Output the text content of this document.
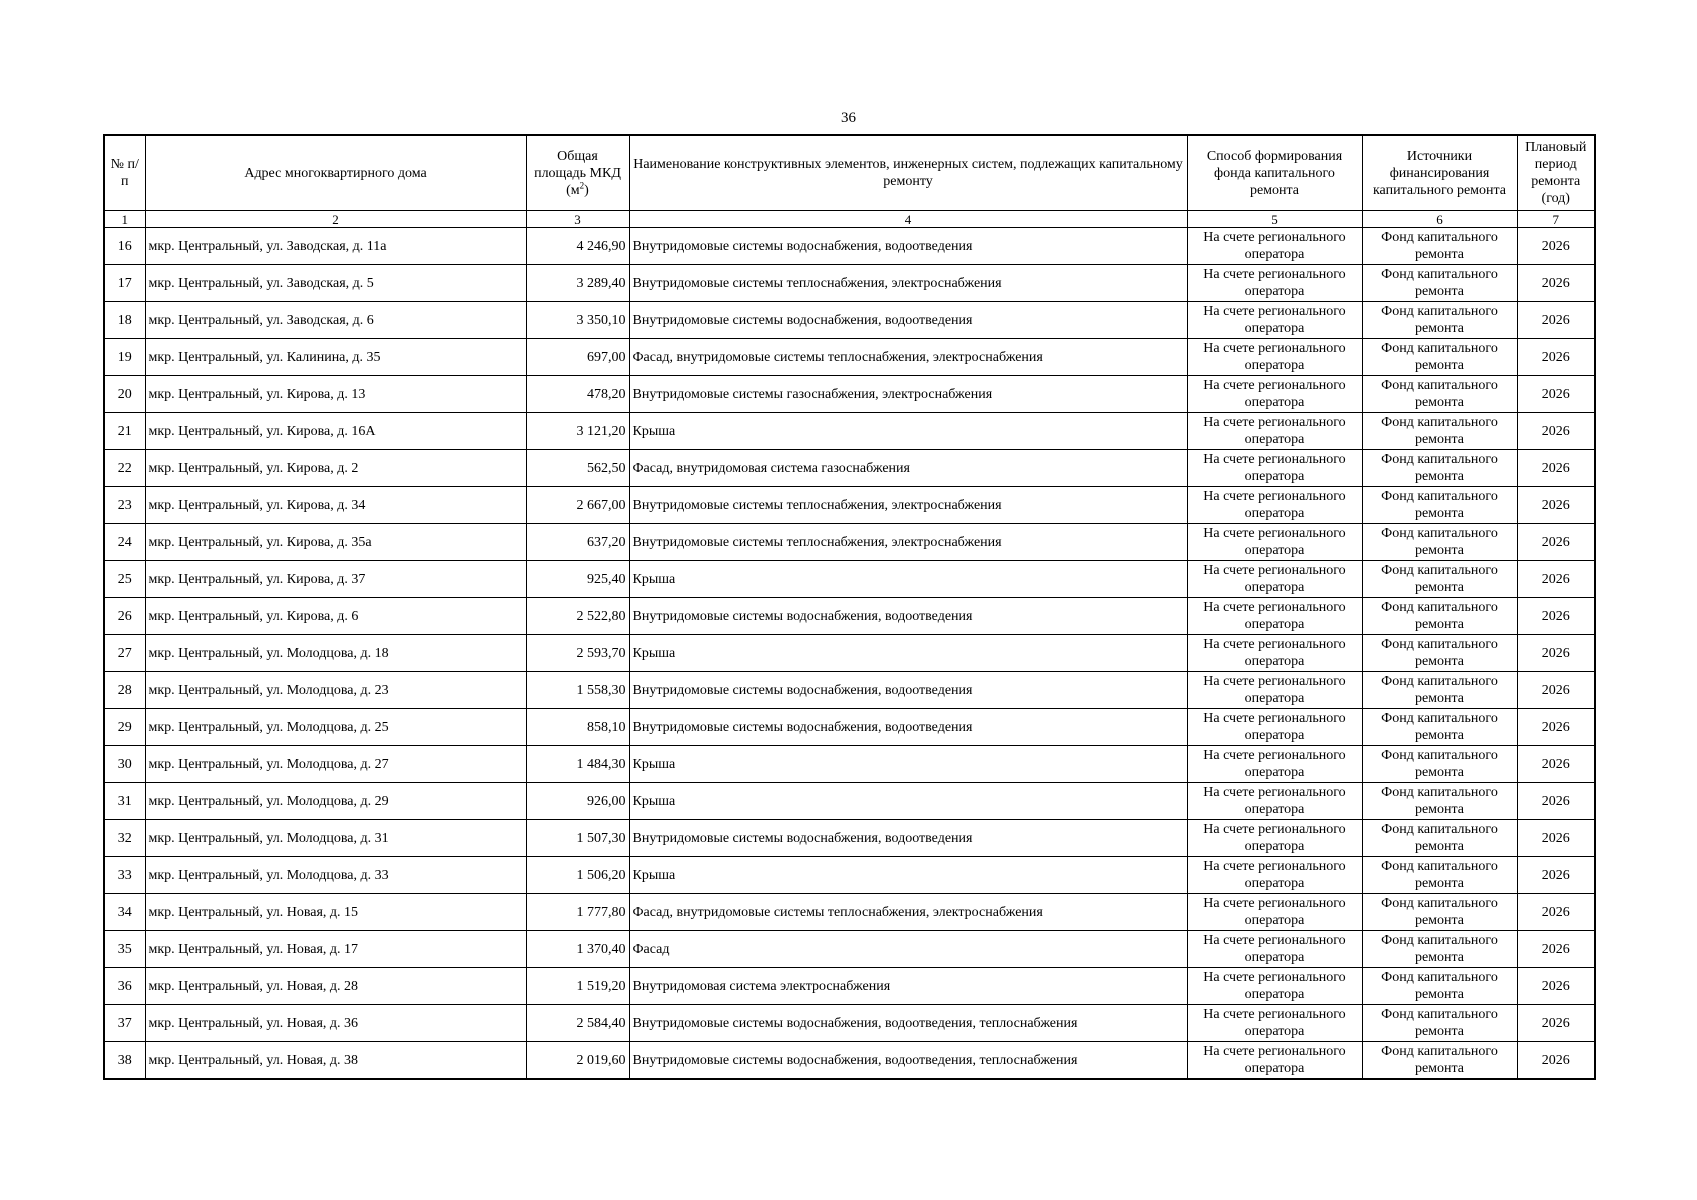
36
№ п/п	Адрес многоквартирного дома	Общая площадь МКД $(м^2)$	Наименование конструктивных элементов, инженерных систем, подлежащих капитальному ремонту	Способ формирования фонда капитального ремонта	Источники финансирования капитального ремонта	Плановый период ремонта (год)
1	2	3	4	5	6	7
16	мкр. Центральный, ул. Заводская, д. 11а	4 246,90	Внутридомовые системы водоснабжения, водоотведения	На счете регионального оператора	Фонд капитального ремонта	2026
17	мкр. Центральный, ул. Заводская, д. 5	3 289,40	Внутридомовые системы теплоснабжения, электроснабжения	На счете регионального оператора	Фонд капитального ремонта	2026
18	мкр. Центральный, ул. Заводская, д. 6	3 350,10	Внутридомовые системы водоснабжения, водоотведения	На счете регионального оператора	Фонд капитального ремонта	2026
19	мкр. Центральный, ул. Калинина, д. 35	697,00	Фасад, внутридомовые системы теплоснабжения, электроснабжения	На счете регионального оператора	Фонд капитального ремонта	2026
20	мкр. Центральный, ул. Кирова, д. 13	478,20	Внутридомовые системы газоснабжения, электроснабжения	На счете регионального оператора	Фонд капитального ремонта	2026
21	мкр. Центральный, ул. Кирова, д. 16А	3 121,20	Крыша	На счете регионального оператора	Фонд капитального ремонта	2026
22	мкр. Центральный, ул. Кирова, д. 2	562,50	Фасад, внутридомовая система газоснабжения	На счете регионального оператора	Фонд капитального ремонта	2026
23	мкр. Центральный, ул. Кирова, д. 34	2 667,00	Внутридомовые системы теплоснабжения, электроснабжения	На счете регионального оператора	Фонд капитального ремонта	2026
24	мкр. Центральный, ул. Кирова, д. 35а	637,20	Внутридомовые системы теплоснабжения, электроснабжения	На счете регионального оператора	Фонд капитального ремонта	2026
25	мкр. Центральный, ул. Кирова, д. 37	925,40	Крыша	На счете регионального оператора	Фонд капитального ремонта	2026
26	мкр. Центральный, ул. Кирова, д. 6	2 522,80	Внутридомовые системы водоснабжения, водоотведения	На счете регионального оператора	Фонд капитального ремонта	2026
27	мкр. Центральный, ул. Молодцова, д. 18	2 593,70	Крыша	На счете регионального оператора	Фонд капитального ремонта	2026
28	мкр. Центральный, ул. Молодцова, д. 23	1 558,30	Внутридомовые системы водоснабжения, водоотведения	На счете регионального оператора	Фонд капитального ремонта	2026
29	мкр. Центральный, ул. Молодцова, д. 25	858,10	Внутридомовые системы водоснабжения, водоотведения	На счете регионального оператора	Фонд капитального ремонта	2026
30	мкр. Центральный, ул. Молодцова, д. 27	1 484,30	Крыша	На счете регионального оператора	Фонд капитального ремонта	2026
31	мкр. Центральный, ул. Молодцова, д. 29	926,00	Крыша	На счете регионального оператора	Фонд капитального ремонта	2026
32	мкр. Центральный, ул. Молодцова, д. 31	1 507,30	Внутридомовые системы водоснабжения, водоотведения	На счете регионального оператора	Фонд капитального ремонта	2026
33	мкр. Центральный, ул. Молодцова, д. 33	1 506,20	Крыша	На счете регионального оператора	Фонд капитального ремонта	2026
34	мкр. Центральный, ул. Новая, д. 15	1 777,80	Фасад, внутридомовые системы теплоснабжения, электроснабжения	На счете регионального оператора	Фонд капитального ремонта	2026
35	мкр. Центральный, ул. Новая, д. 17	1 370,40	Фасад	На счете регионального оператора	Фонд капитального ремонта	2026
36	мкр. Центральный, ул. Новая, д. 28	1 519,20	Внутридомовая система электроснабжения	На счете регионального оператора	Фонд капитального ремонта	2026
37	мкр. Центральный, ул. Новая, д. 36	2 584,40	Внутридомовые системы водоснабжения, водоотведения, теплоснабжения	На счете регионального оператора	Фонд капитального ремонта	2026
38	мкр. Центральный, ул. Новая, д. 38	2 019,60	Внутридомовые системы водоснабжения, водоотведения, теплоснабжения	На счете регионального оператора	Фонд капитального ремонта	2026
